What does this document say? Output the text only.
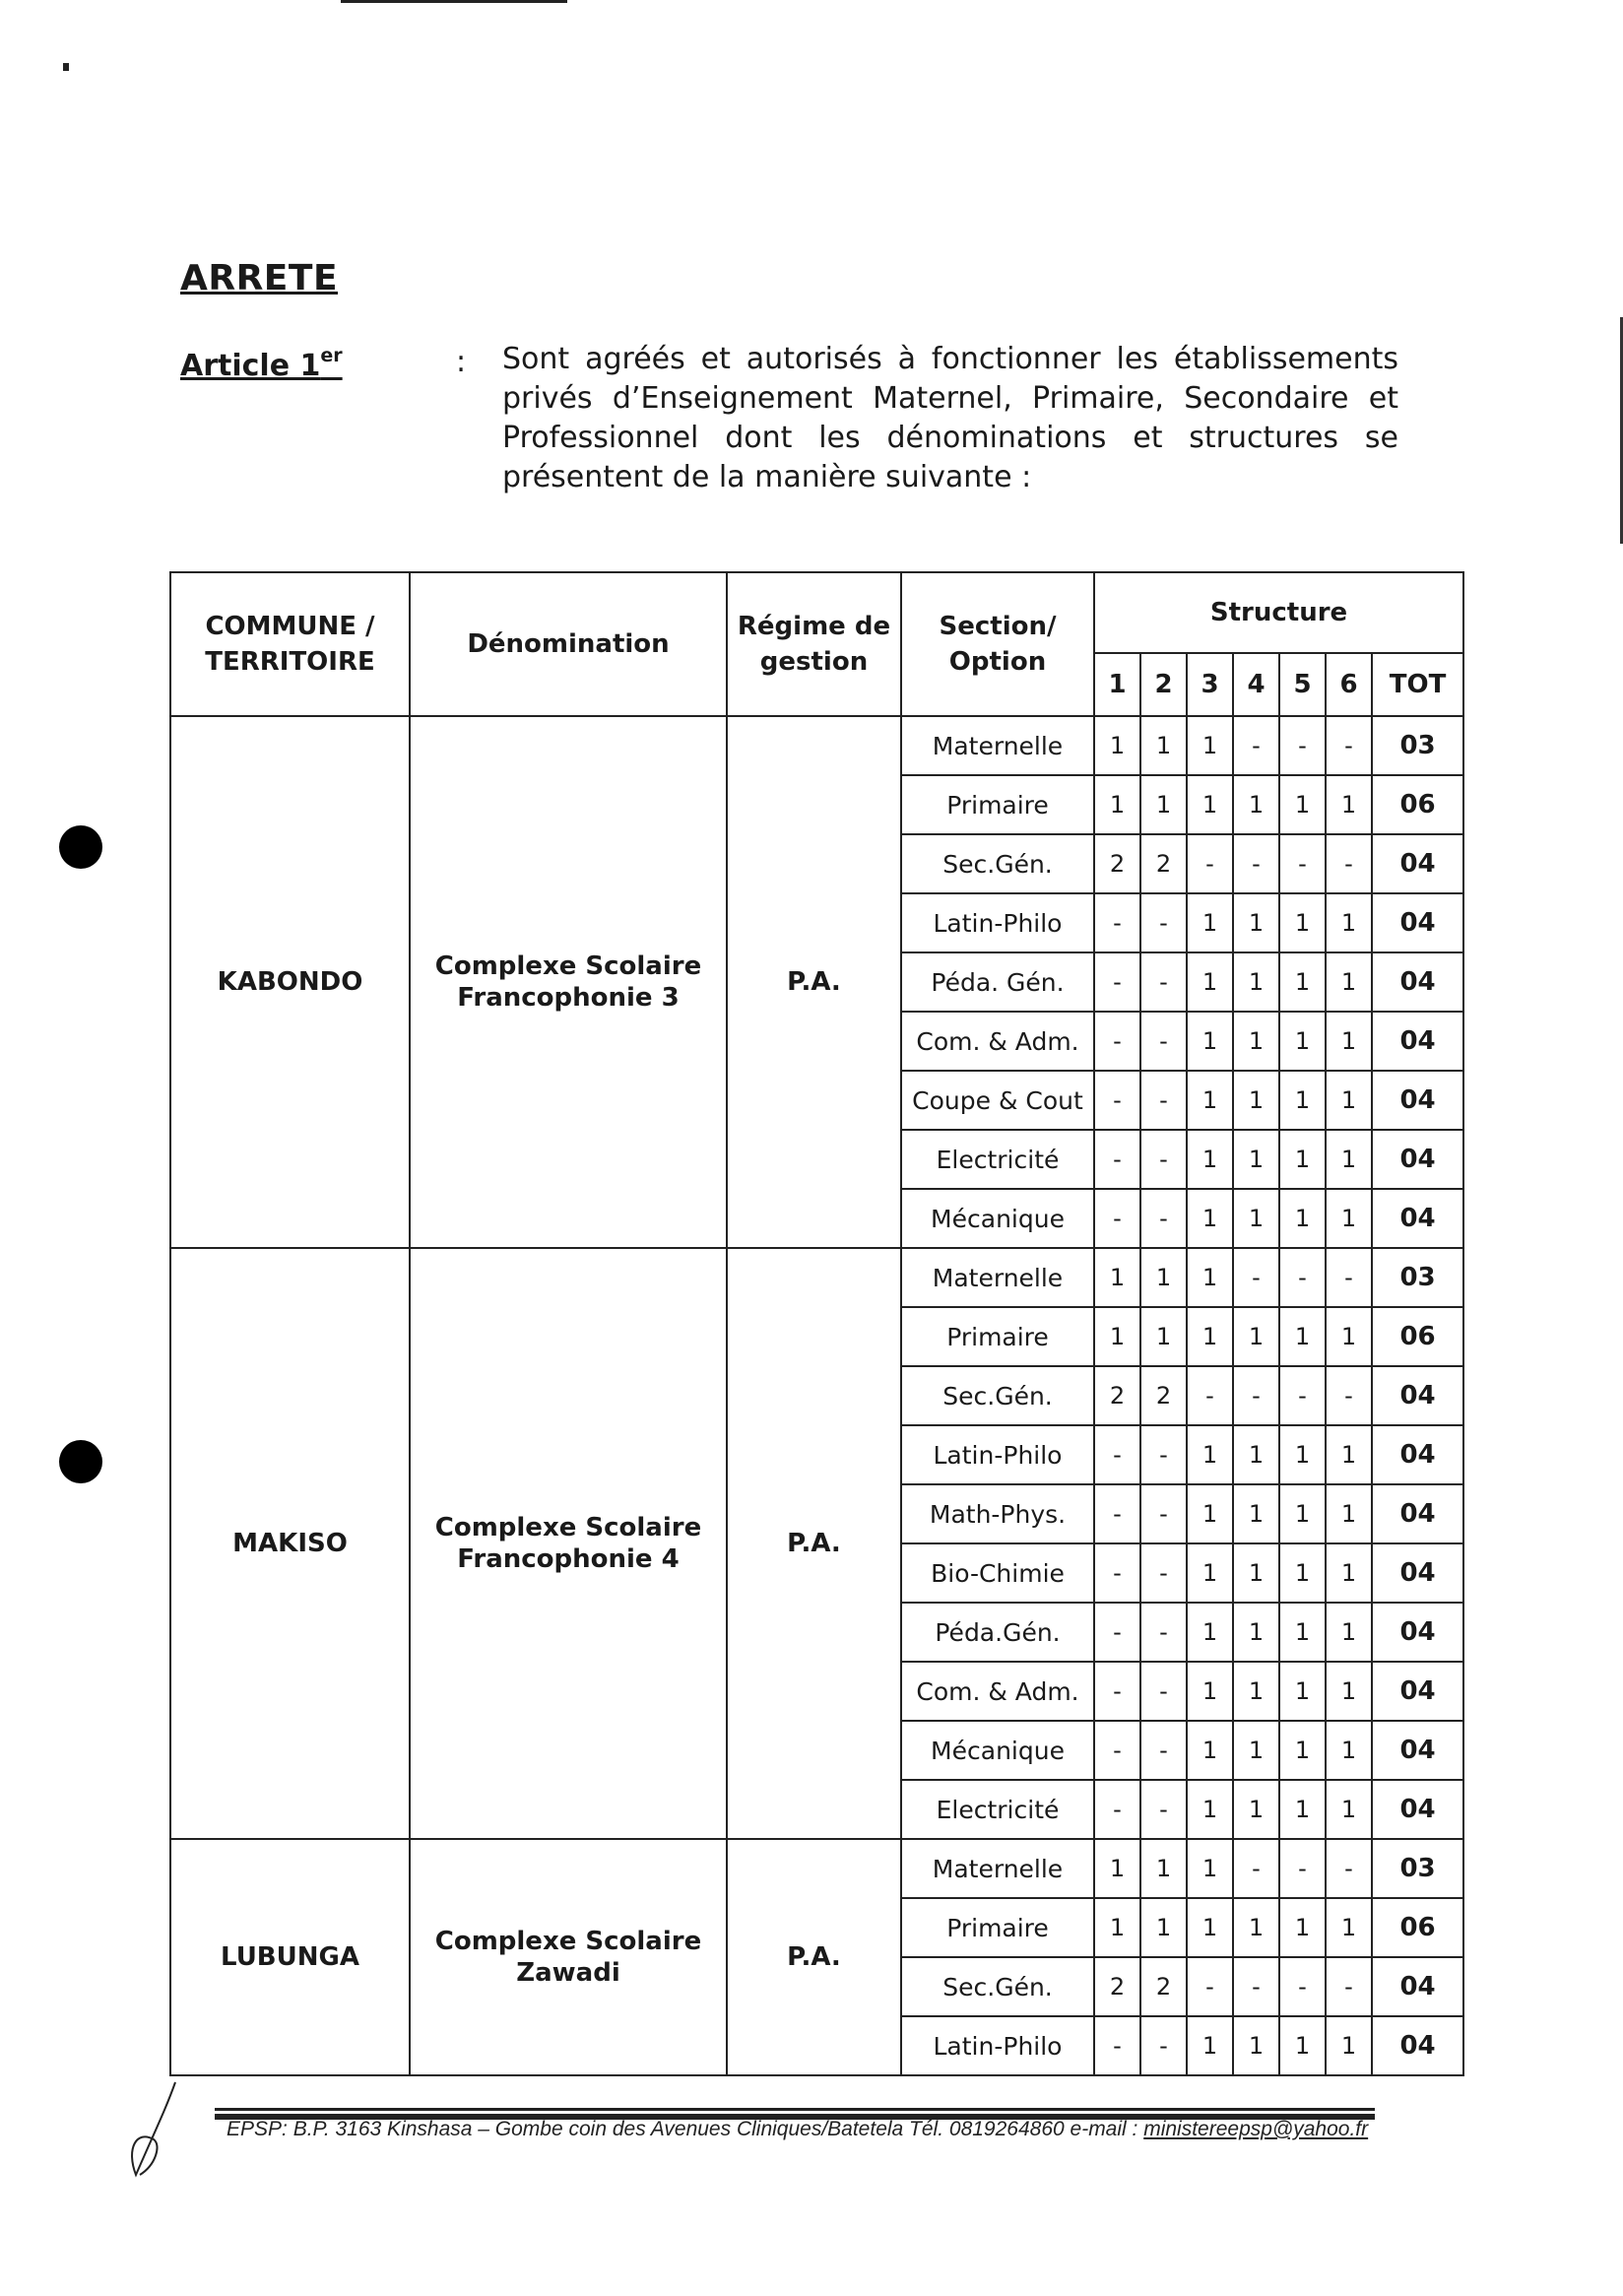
ARRETE
Article 1er	: Sont agréés et autorisés à fonctionner les établissements privés d’Enseignement Maternel, Primaire, Secondaire et Professionnel dont les dénominations et structures se présentent de la manière suivante :
COMMUNE / TERRITOIRE	Dénomination	Régime de gestion	Section/ Option	Structure						
				1	2	3	4	5	6	TOT
KABONDO	Complexe Scolaire Francophonie 3	P.A.	Maternelle	1	1	1	-	-	-	03
			Primaire	1	1	1	1	1	1	06
			Sec.Gén.	2	2	-	-	-	-	04
			Latin-Philo	-	-	1	1	1	1	04
			Péda. Gén.	-	-	1	1	1	1	04
			Com. & Adm.	-	-	1	1	1	1	04
			Coupe & Cout	-	-	1	1	1	1	04
			Electricité	-	-	1	1	1	1	04
			Mécanique	-	-	1	1	1	1	04
MAKISO	Complexe Scolaire Francophonie 4	P.A.	Maternelle	1	1	1	-	-	-	03
			Primaire	1	1	1	1	1	1	06
			Sec.Gén.	2	2	-	-	-	-	04
			Latin-Philo	-	-	1	1	1	1	04
			Math-Phys.	-	-	1	1	1	1	04
			Bio-Chimie	-	-	1	1	1	1	04
			Péda.Gén.	-	-	1	1	1	1	04
			Com. & Adm.	-	-	1	1	1	1	04
			Mécanique	-	-	1	1	1	1	04
			Electricité	-	-	1	1	1	1	04
LUBUNGA	Complexe Scolaire Zawadi	P.A.	Maternelle	1	1	1	-	-	-	03
			Primaire	1	1	1	1	1	1	06
			Sec.Gén.	2	2	-	-	-	-	04
			Latin-Philo	-	-	1	1	1	1	04
EPSP: B.P. 3163 Kinshasa – Gombe coin des Avenues Cliniques/Batetela Tél. 0819264860 e-mail : ministereepsp@yahoo.fr
